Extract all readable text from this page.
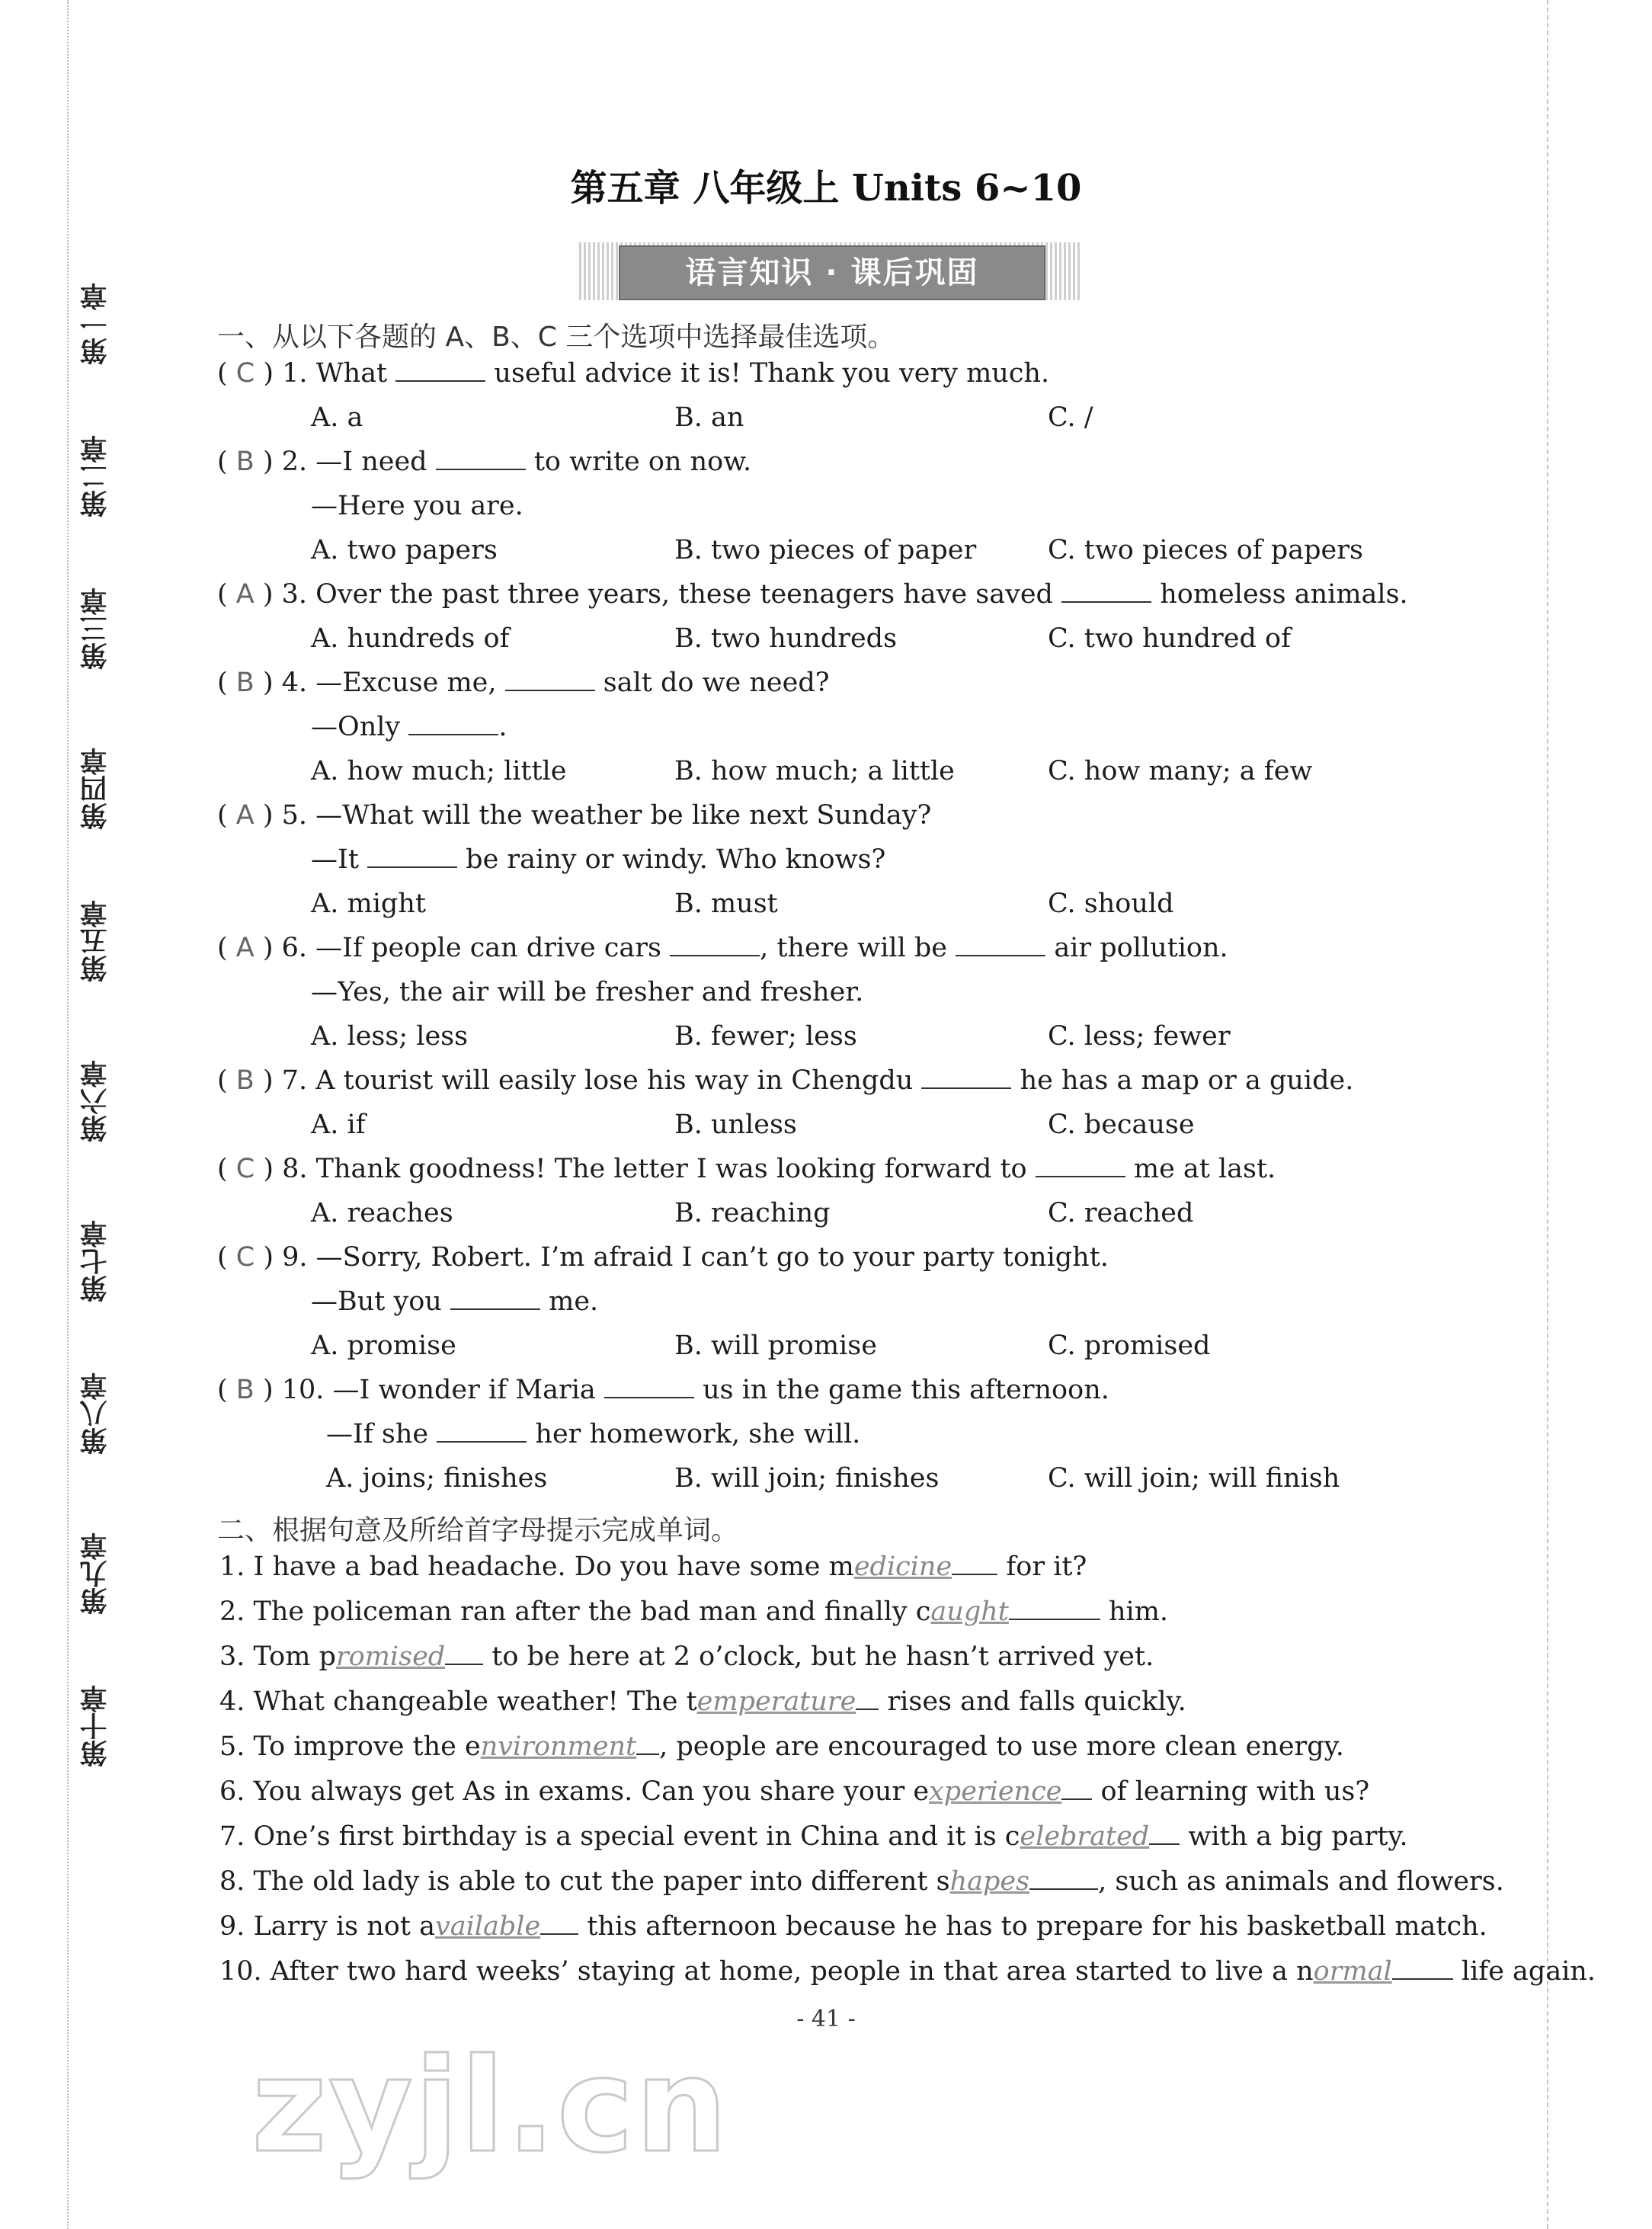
第一章
第二章
第三章
第四章
第五章
第六章
第七章
第八章
第九章
第十章
第五章 八年级上 Units 6~10
语言知识 · 课后巩固
一、从以下各题的 A、B、C 三个选项中选择最佳选项。
( C ) 1. What	useful advice it is! Thank you very much.
A. a	B. an	C. /
( B ) 2. —I need	to write on now.
—Here you are.
A. two papers	B. two pieces of paper	C. two pieces of papers
( A ) 3. Over the past three years, these teenagers have saved	homeless animals.
A. hundreds of	B. two hundreds	C. two hundred of
( B ) 4. —Excuse me,	salt do we need?
—Only	.
A. how much; little	B. how much; a little	C. how many; a few
( A ) 5. —What will the weather be like next Sunday?
—It	be rainy or windy. Who knows?
A. might	B. must	C. should
( A ) 6. —If people can drive cars	, there will be	air pollution.
—Yes, the air will be fresher and fresher.
A. less; less	B. fewer; less	C. less; fewer
( B ) 7. A tourist will easily lose his way in Chengdu	he has a map or a guide.
A. if	B. unless	C. because
( C ) 8. Thank goodness! The letter I was looking forward to	me at last.
A. reaches	B. reaching	C. reached
( C ) 9. —Sorry, Robert. I’m afraid I can’t go to your party tonight.
—But you	me.
A. promise	B. will promise	C. promised
( B ) 10. —I wonder if Maria	us in the game this afternoon.
—If she	her homework, she will.
A. joins; finishes	B. will join; finishes	C. will join; will finish
二、根据句意及所给首字母提示完成单词。
1. I have a bad headache. Do you have some medicine for it?
2. The policeman ran after the bad man and finally caught	him.
3. Tom promised to be here at 2 o’clock, but he hasn’t arrived yet.
4. What changeable weather! The temperature rises and falls quickly.
5. To improve the environment , people are encouraged to use more clean energy.
6. You always get As in exams. Can you share your experience of learning with us?
7. One’s first birthday is a special event in China and it is celebrated with a big party.
8. The old lady is able to cut the paper into different shapes	, such as animals and flowers.
9. Larry is not available this afternoon because he has to prepare for his basketball match.
10. After two hard weeks’ staying at home, people in that area started to live a normal	life again.
- 41 -
zyjl.cn
